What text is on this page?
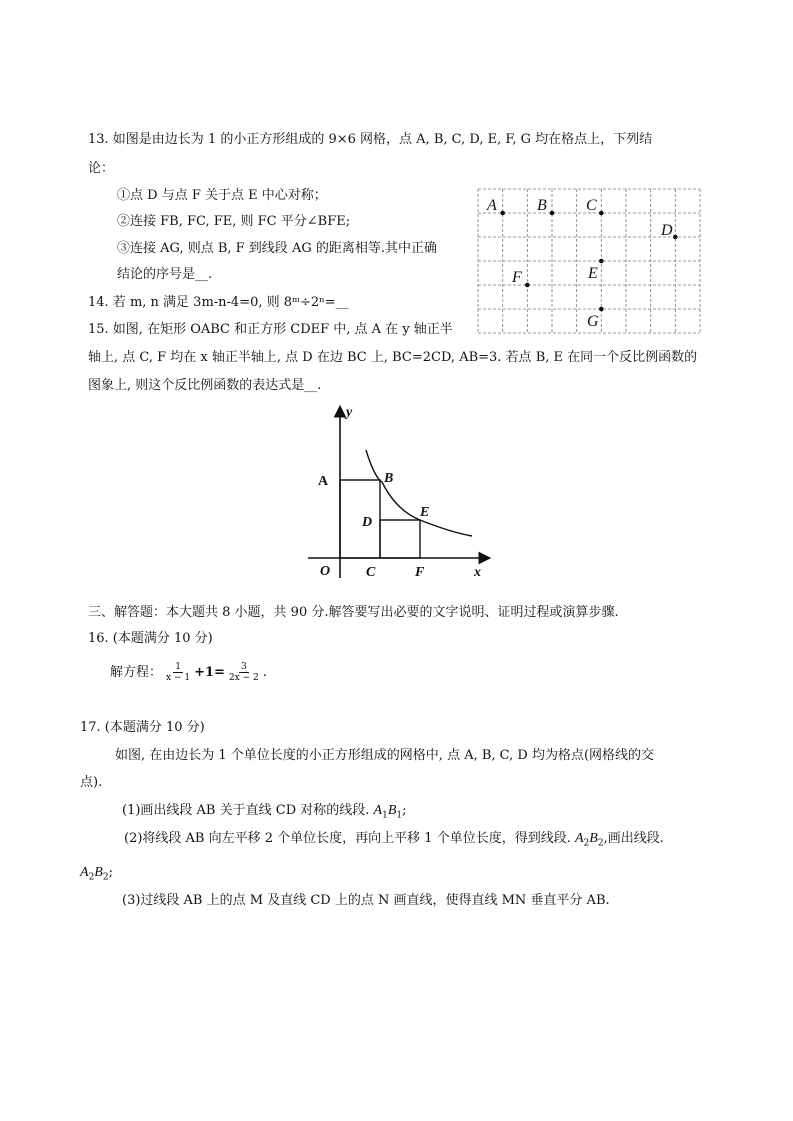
13. 如图是由边长为 1 的小正方形组成的 9×6 网格，点 A, B, C, D, E, F, G 均在格点上，下列结
论：
①点 D 与点 F 关于点 E 中心对称；
②连接 FB, FC, FE, 则 FC 平分∠BFE;
③连接 AG, 则点 B, F 到线段 AG 的距离相等.其中正确
结论的序号是__.
A	B C
D
E
F
G
14. 若 m, n 满足 3m-n-4=0, 则 8ᵐ÷2ⁿ=__
15. 如图, 在矩形 OABC 和正方形 CDEF 中, 点 A 在 y 轴正半
轴上, 点 C, F 均在 x 轴正半轴上, 点 D 在边 BC 上, BC=2CD, AB=3. 若点 B, E 在同一个反比例函数的
图象上, 则这个反比例函数的表达式是__.
y
x
O
A	B
C
D
E
F
三、解答题：本大题共 8 小题，共 90 分.解答要写出必要的文字说明、证明过程或演算步骤.
16. (本题满分 10 分)
解方程： $\frac{1}{x - 1} +1= \frac{3}{2x - 2}$ .
17. (本题满分 10 分)
如图, 在由边长为 1 个单位长度的小正方形组成的网格中, 点 A, B, C, D 均为格点(网格线的交
点).
(1)画出线段 AB 关于直线 CD 对称的线段. $A_1B_1$;
(2)将线段 AB 向左平移 2 个单位长度，再向上平移 1 个单位长度，得到线段. $A_2B_2$,画出线段.
$A_2B_2$;
(3)过线段 AB 上的点 M 及直线 CD 上的点 N 画直线，使得直线 MN 垂直平分 AB.
